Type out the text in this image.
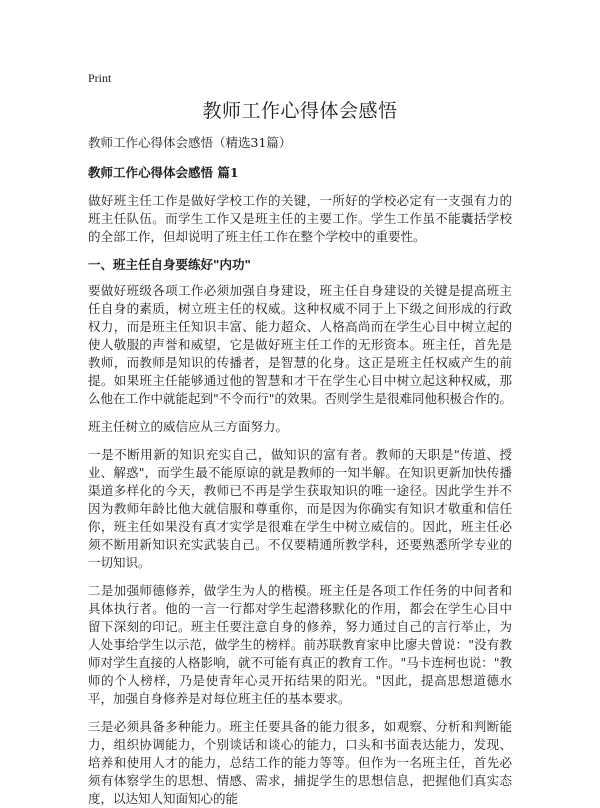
Print
教师工作心得体会感悟
教师工作心得体会感悟（精选31篇）
教师工作心得体会感悟 篇1

做好班主任工作是做好学校工作的关键，一所好的学校必定有一支强有力的班主任队伍。而学生工作又是班主任的主要工作。学生工作虽不能囊括学校的全部工作，但却说明了班主任工作在整个学校中的重要性。

一、班主任自身要练好"内功"

要做好班级各项工作必须加强自身建设，班主任自身建设的关键是提高班主任自身的素质，树立班主任的权威。这种权威不同于上下级之间形成的行政权力，而是班主任知识丰富、能力超众、人格高尚而在学生心目中树立起的使人敬服的声誉和威望，它是做好班主任工作的无形资本。班主任，首先是教师，而教师是知识的传播者，是智慧的化身。这正是班主任权威产生的前提。如果班主任能够通过他的智慧和才干在学生心目中树立起这种权威，那么他在工作中就能起到"不令而行"的效果。否则学生是很难同他积极合作的。

班主任树立的威信应从三方面努力。

一是不断用新的知识充实自己，做知识的富有者。教师的天职是"传道、授业、解惑"，而学生最不能原谅的就是教师的一知半解。在知识更新加快传播渠道多样化的今天，教师已不再是学生获取知识的唯一途径。因此学生并不因为教师年龄比他大就信服和尊重你，而是因为你确实有知识才敬重和信任你，班主任如果没有真才实学是很难在学生中树立威信的。因此，班主任必须不断用新知识充实武装自己。不仅要精通所教学科，还要熟悉所学专业的一切知识。

二是加强师德修养，做学生为人的楷模。班主任是各项工作任务的中间者和具体执行者。他的一言一行都对学生起潜移默化的作用，都会在学生心目中留下深刻的印记。班主任要注意自身的修养，努力通过自己的言行举止，为人处事给学生以示范，做学生的榜样。前苏联教育家申比廖夫曾说："没有教师对学生直接的人格影响，就不可能有真正的教育工作。"马卡连柯也说："教师的个人榜样，乃是使青年心灵开拓结果的阳光。"因此，提高思想道德水平，加强自身修养是对每位班主任的基本要求。

三是必须具备多种能力。班主任要具备的能力很多，如观察、分析和判断能力，组织协调能力，个别谈话和谈心的能力，口头和书面表达能力，发现、培养和使用人才的能力，总结工作的能力等等。但作为一名班主任，首先必须有体察学生的思想、情感、需求，捕捉学生的思想信息，把握他们真实态度，以达知人知面知心的能
